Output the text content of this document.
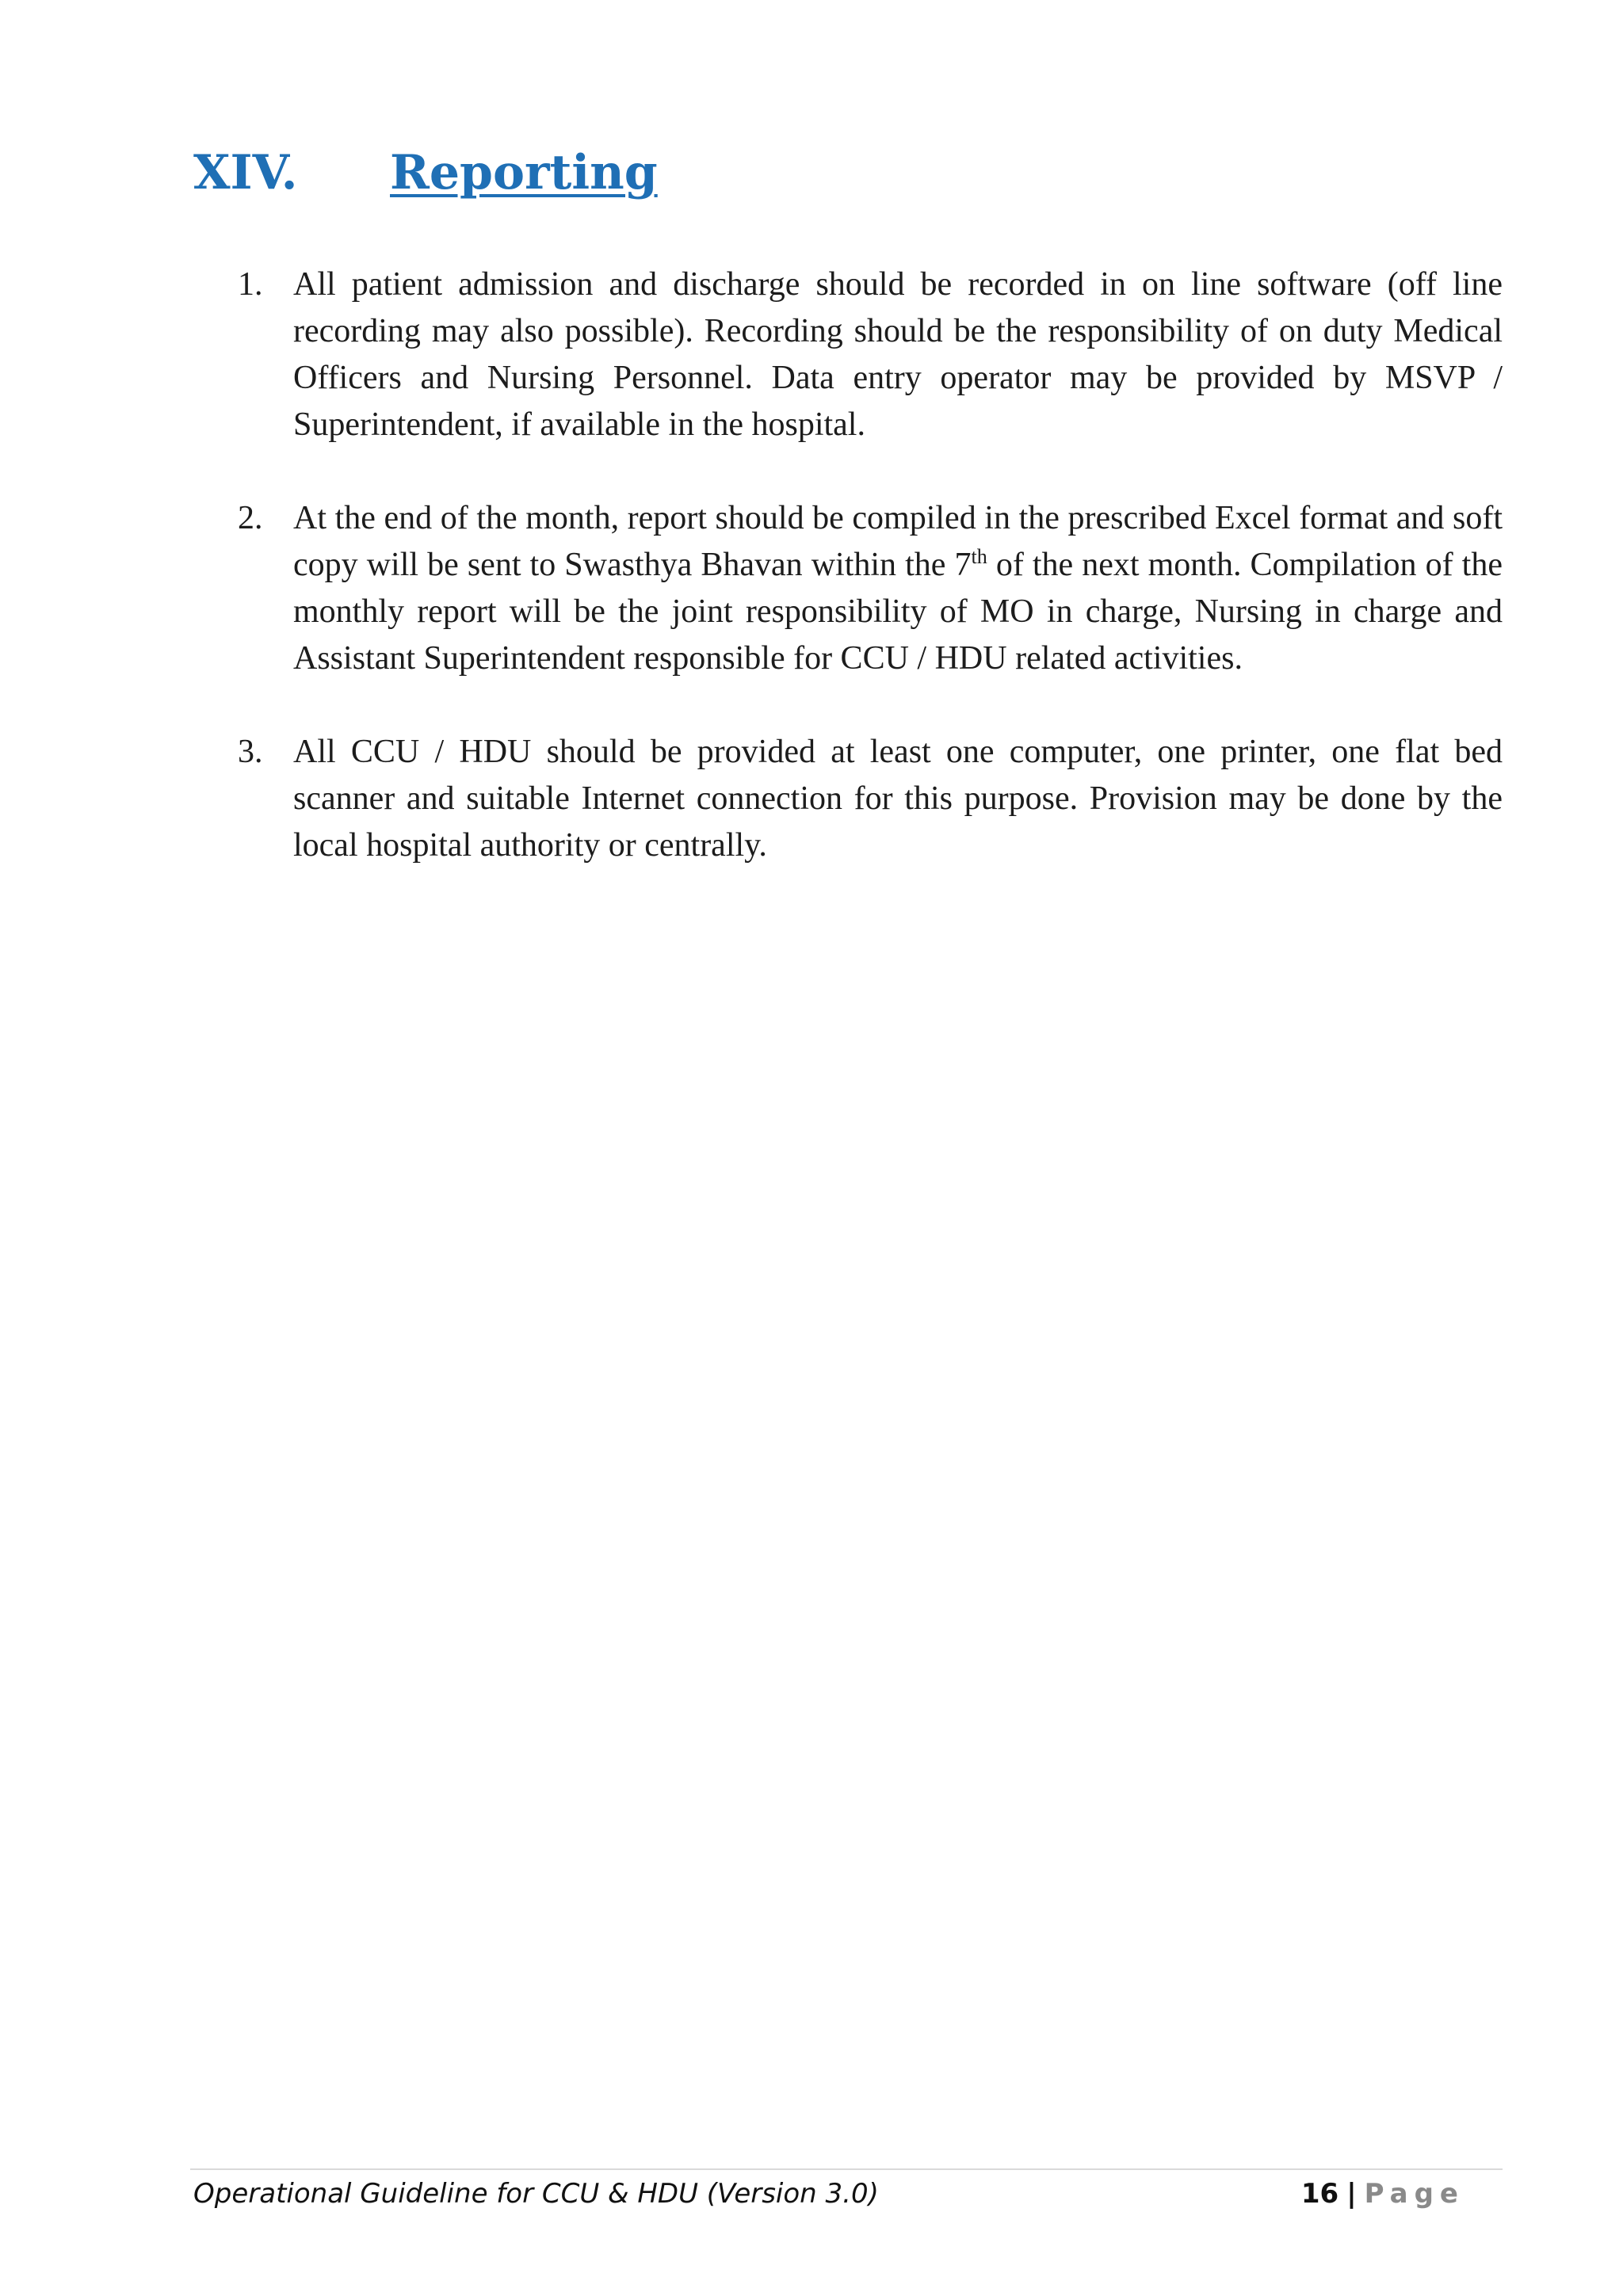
XIV. Reporting
1. All patient admission and discharge should be recorded in on line software (off line recording may also possible). Recording should be the responsibility of on duty Medical Officers and Nursing Personnel. Data entry operator may be provided by MSVP / Superintendent, if available in the hospital.
2. At the end of the month, report should be compiled in the prescribed Excel format and soft copy will be sent to Swasthya Bhavan within the 7th of the next month. Compilation of the monthly report will be the joint responsibility of MO in charge, Nursing in charge and Assistant Superintendent responsible for CCU / HDU related activities.
3. All CCU / HDU should be provided at least one computer, one printer, one flat bed scanner and suitable Internet connection for this purpose. Provision may be done by the local hospital authority or centrally.
Operational Guideline for CCU & HDU (Version 3.0)	16 | Page
